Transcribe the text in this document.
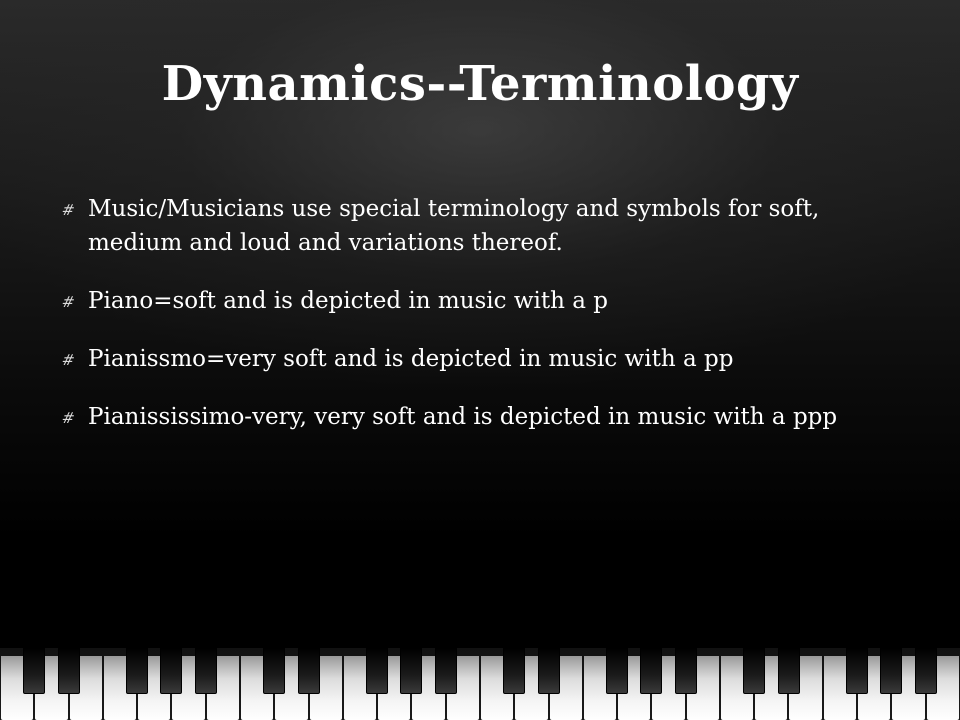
Dynamics--Terminology
# Music/Musicians use special terminology and symbols for soft, medium and loud and variations thereof.
# Piano=soft and is depicted in music with a p
# Pianissmo=very soft and is depicted in music with a pp
# Pianississimo-very, very soft and is depicted in music with a ppp
